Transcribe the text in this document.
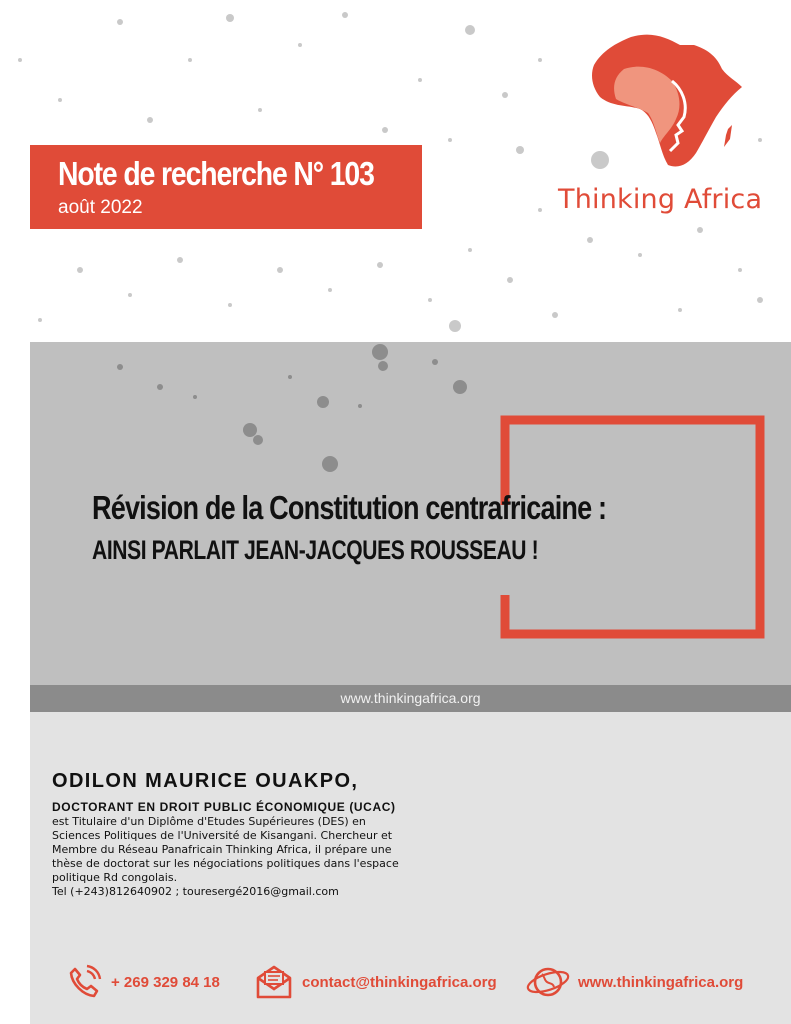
Note de recherche N° 103
août 2022	Thinking Africa
Révision de la Constitution centrafricaine :
AINSI PARLAIT JEAN-JACQUES ROUSSEAU !
www.thinkingafrica.org
ODILON MAURICE OUAKPO,
DOCTORANT EN DROIT PUBLIC ÉCONOMIQUE (UCAC)
est Titulaire d'un Diplôme d'Etudes Supérieures (DES) en Sciences Politiques de l'Université de Kisangani. Chercheur et Membre du Réseau Panafricain Thinking Africa, il prépare une thèse de doctorat sur les négociations politiques dans l'espace politique Rd congolais.
Tel (+243)812640902 ; touresergé2016@gmail.com
+ 269 329 84 18	contact@thinkingafrica.org	www.thinkingafrica.org
